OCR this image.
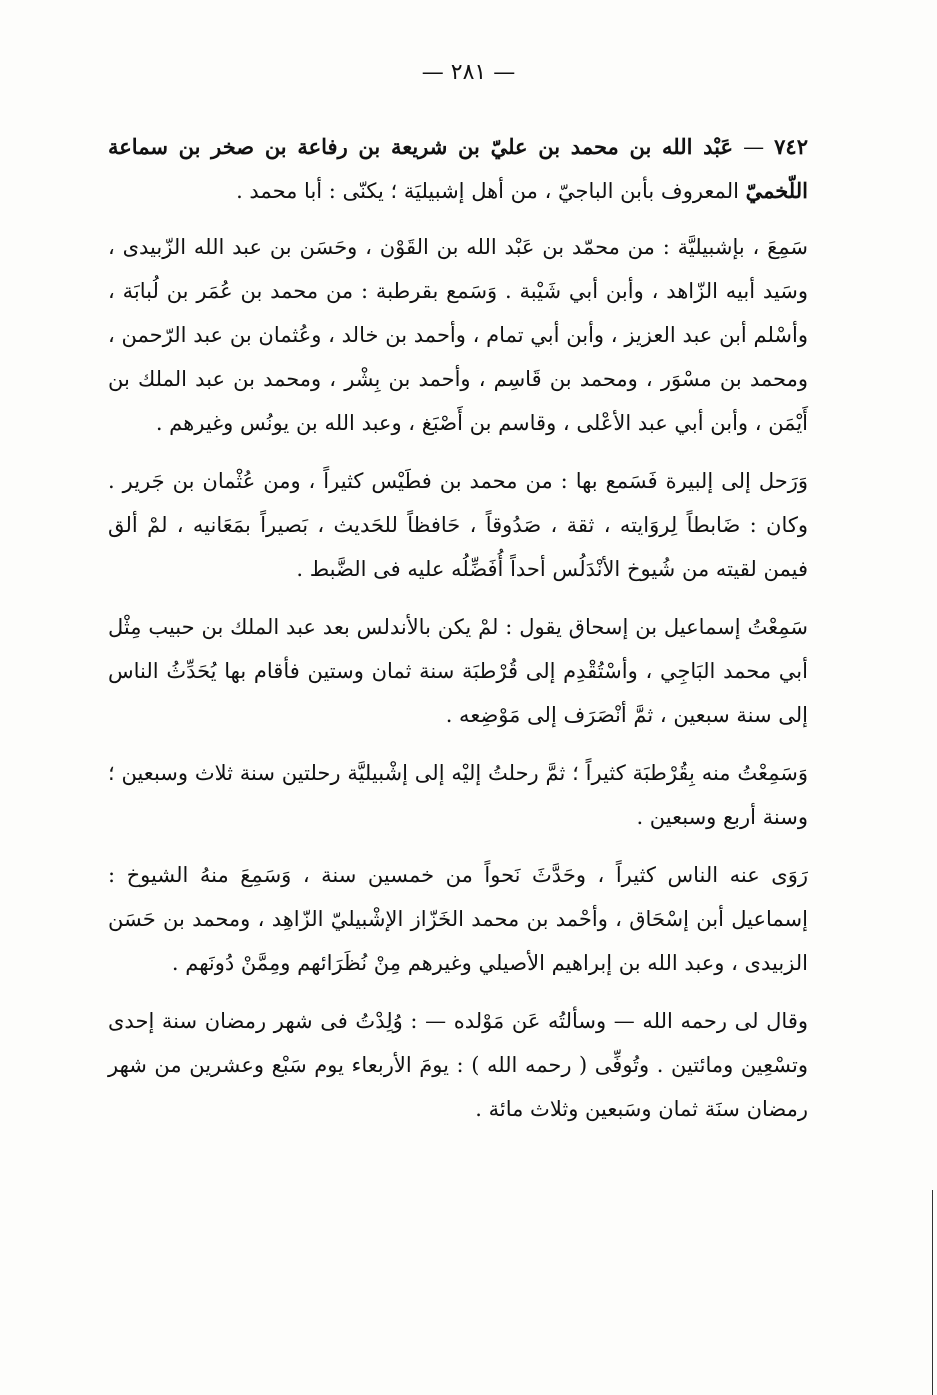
— ٢٨١ —

٧٤٢ — عَبْد الله بن محمد بن عليّ بن شريعة بن رفاعة بن صخر بن سماعة اللّخميّ المعروف بأبن الباجيّ ، من أهل إشبيليَة ؛ يكنّى : أبا محمد .

سَمِعَ ، بإشبيليَّة : من محمّد بن عَبْد الله بن القَوْن ، وحَسَن بن عبد الله الزّبيدى ، وسَيد أبيه الزّاهد ، وأبن أبي شَيْبة . وَسَمع بقرطبة : من محمد بن عُمَر بن لُبابَة ، وأسْلم أبن عبد العزيز ، وأبن أبي تمام ، وأحمد بن خالد ، وعُثمان بن عبد الرّحمن ، ومحمد بن مسْوَر ، ومحمد بن قَاسِم ، وأحمد بن بِشْر ، ومحمد بن عبد الملك بن أَيْمَن ، وأبن أبي عبد الأعْلى ، وقاسم بن أَصْبَغ ، وعبد الله بن يونُس وغيرهم .

وَرَحل إلى إلبيرة فَسَمع بها : من محمد بن فطَيْس كثيراً ، ومن عُثْمان بن جَرير . وكان : ضَابطاً لِروَايته ، ثقة ، صَدُوقاً ، حَافظاً للحَديث ، بَصيراً بمَعَانيه ، لمْ ألق فيمن لقيته من شُيوخ الأنْدَلُس أحداً أُفَضِّلُه عليه فى الضَّبط .

سَمِعْتُ إسماعيل بن إسحاق يقول : لمْ يكن بالأندلس بعد عبد الملك بن حبيب مِثْل أبي محمد البَاجِي ، وأسْتُقْدِم إلى قُرْطبَة سنة ثمان وستين فأقام بها يُحَدِّثُ الناس إلى سنة سبعين ، ثمَّ أنْصَرَف إلى مَوْضِعه .

وَسَمِعْتُ منه بِقُرْطبَة كثيراً ؛ ثمَّ رحلتُ إليْه إلى إشْبيليَّة رحلتين سنة ثلاث وسبعين ؛ وسنة أربع وسبعين .

رَوَى عنه الناس كثيراً ، وحَدَّثَ نَحواً من خمسين سنة ، وَسَمِعَ منهُ الشيوخ : إسماعيل أبن إسْحَاق ، وأحْمد بن محمد الخَزّاز الإشْبيليّ الزّاهِد ، ومحمد بن حَسَن الزبيدى ، وعبد الله بن إبراهيم الأصيلي وغيرهم مِنْ نُظَرَائهم ومِمَّنْ دُونَهم .

وقال لى رحمه الله — وسألتُه عَن مَوْلده — : وُلِدْتُ فى شهر رمضان سنة إحدى وتسْعِين ومائتين . وتُوفِّى ( رحمه الله ) : يومَ الأربعاء يوم سَبْع وعشرين من شهر رمضان سنَة ثمان وسَبعين وثلاث مائة .
